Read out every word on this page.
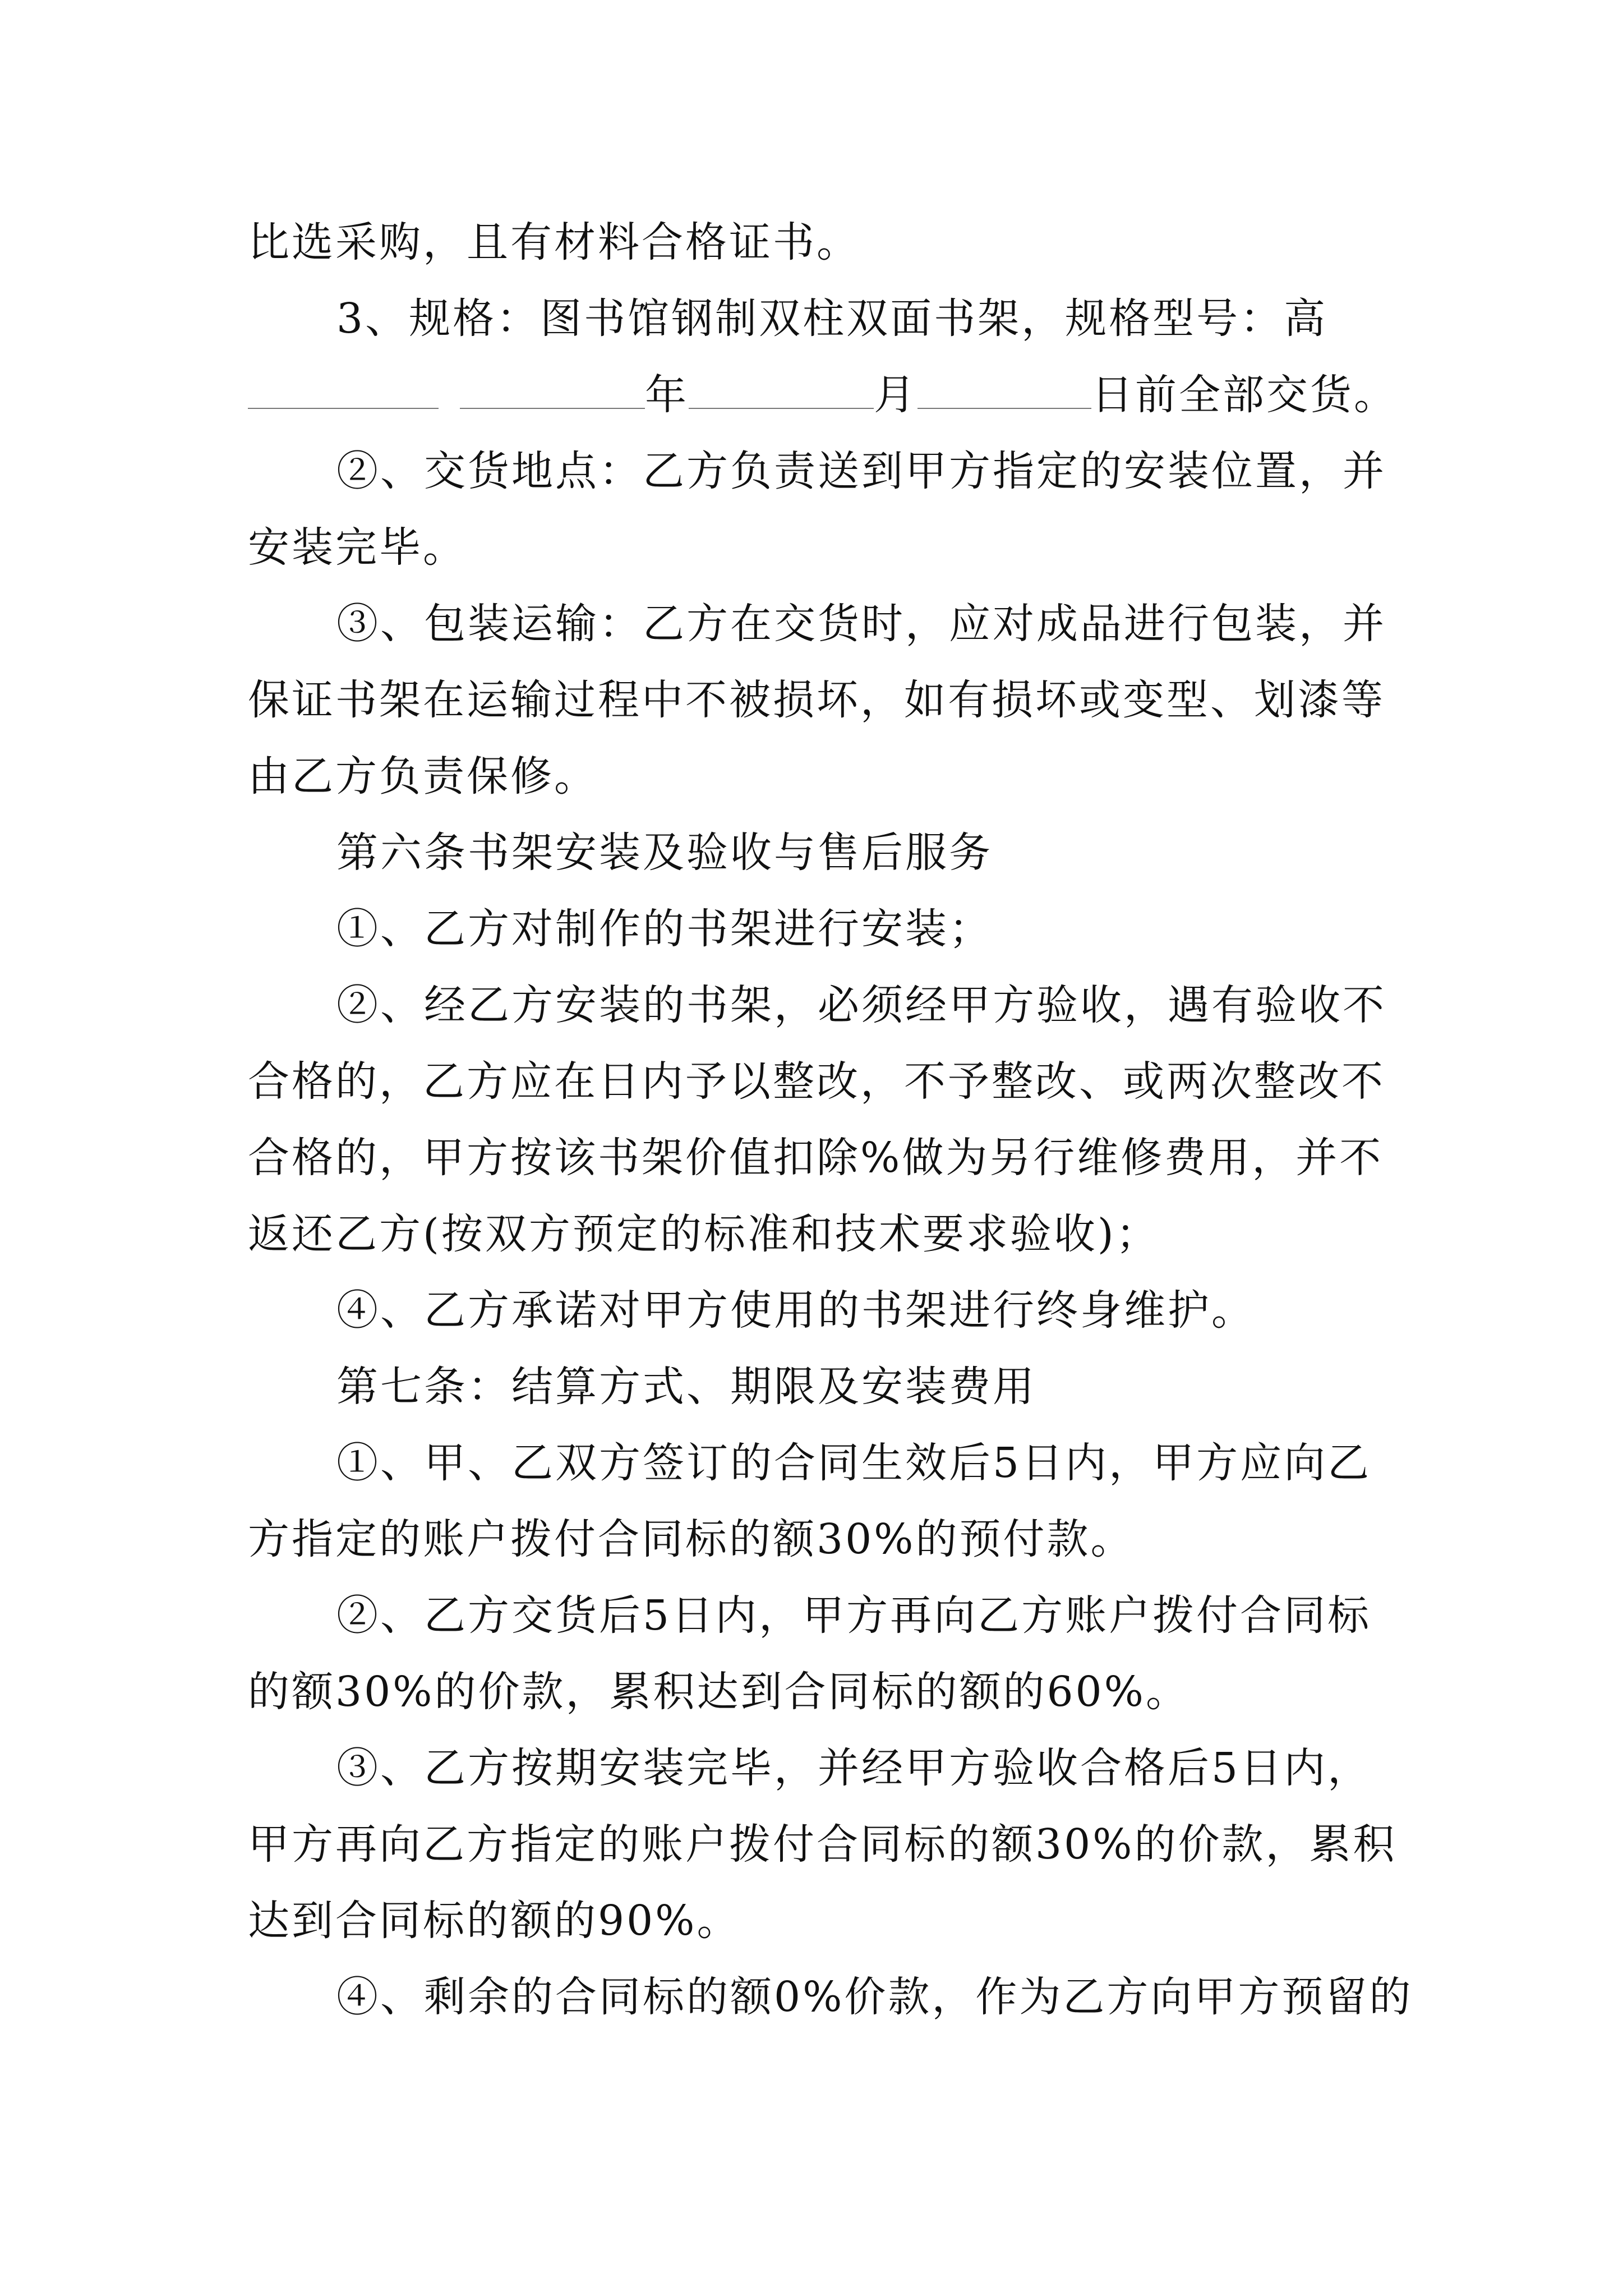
比选采购，且有材料合格证书。
3、规格：图书馆钢制双柱双面书架，规格型号：高
年	月	日前全部交货。
②、交货地点：乙方负责送到甲方指定的安装位置，并
安装完毕。
③、包装运输：乙方在交货时，应对成品进行包装，并
保证书架在运输过程中不被损坏，如有损坏或变型、划漆等
由乙方负责保修。
第六条书架安装及验收与售后服务
①、乙方对制作的书架进行安装；
②、经乙方安装的书架，必须经甲方验收，遇有验收不
合格的，乙方应在日内予以整改，不予整改、或两次整改不
合格的，甲方按该书架价值扣除%做为另行维修费用，并不
返还乙方(按双方预定的标准和技术要求验收)；
④、乙方承诺对甲方使用的书架进行终身维护。
第七条：结算方式、期限及安装费用
①、甲、乙双方签订的合同生效后5日内，甲方应向乙
方指定的账户拨付合同标的额30%的预付款。
②、乙方交货后5日内，甲方再向乙方账户拨付合同标
的额30%的价款，累积达到合同标的额的60%。
③、乙方按期安装完毕，并经甲方验收合格后5日内，
甲方再向乙方指定的账户拨付合同标的额30%的价款，累积
达到合同标的额的90%。
④、剩余的合同标的额0%价款，作为乙方向甲方预留的
